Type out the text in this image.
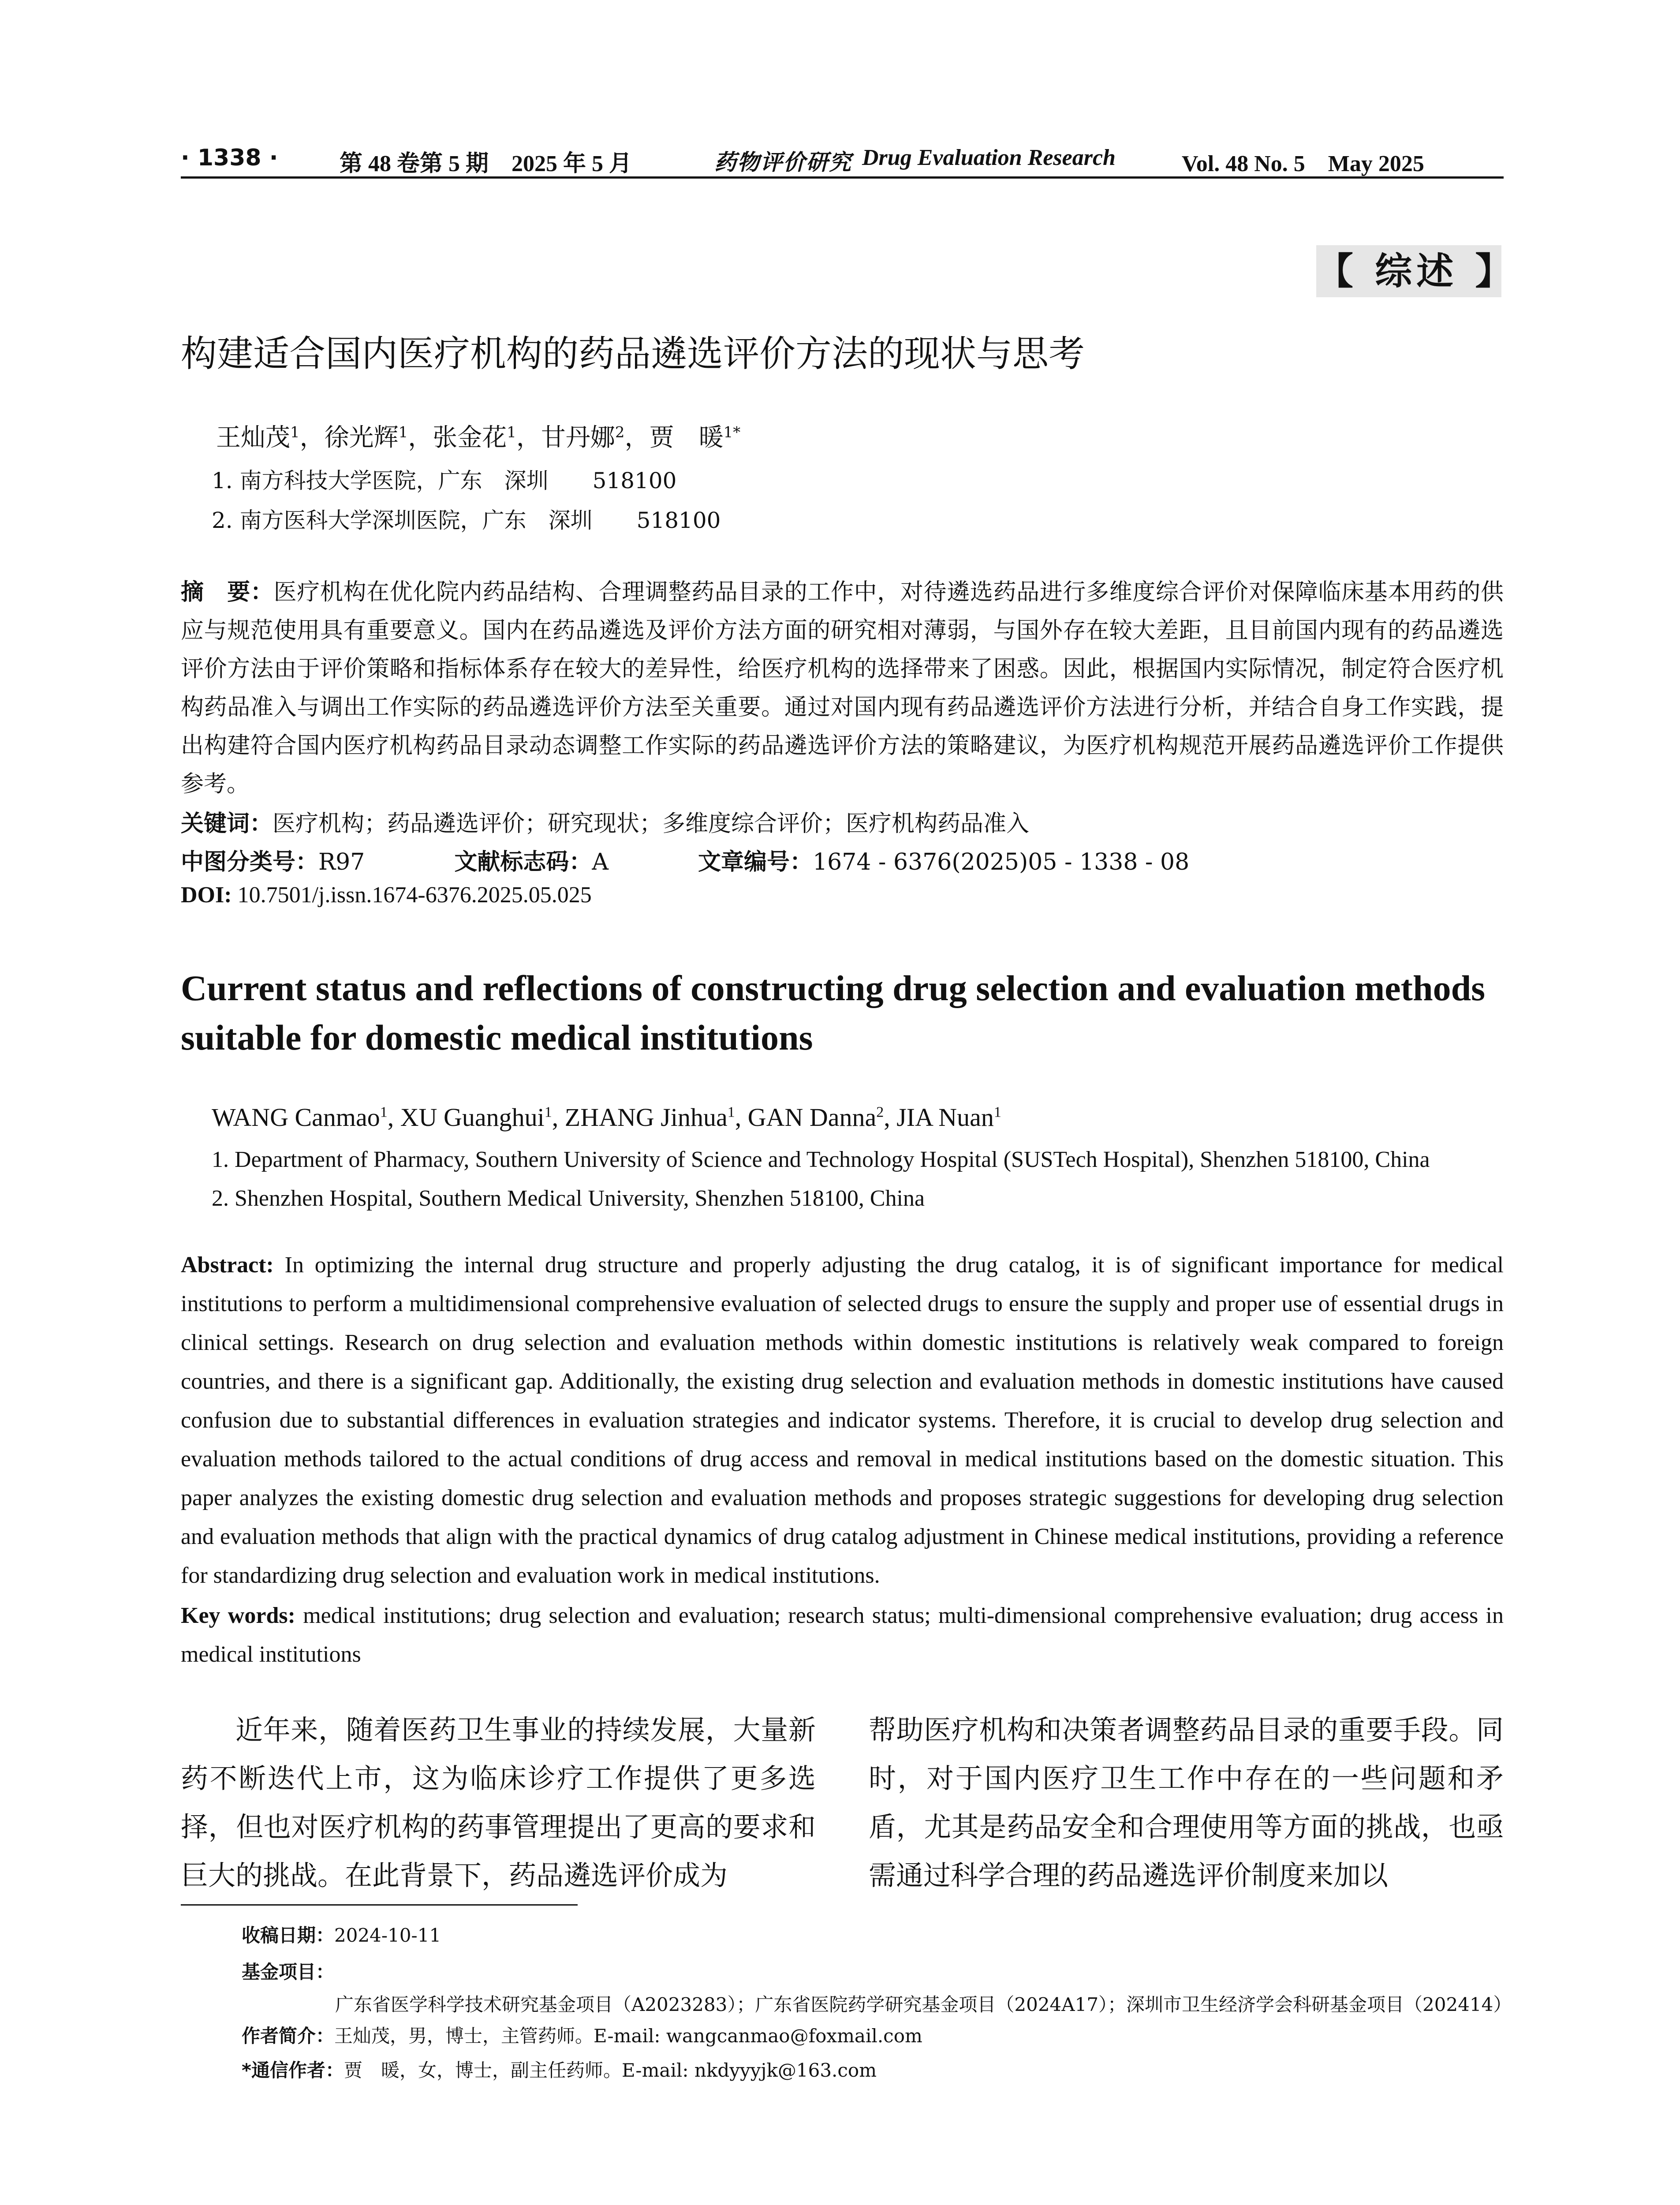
· 1338 ·	第 48 卷第 5 期　2025 年 5 月	药物评价研究 Drug Evaluation Research	Vol. 48 No. 5　May 2025
【 综述 】
构建适合国内医疗机构的药品遴选评价方法的现状与思考
王灿茂$^1$，徐光辉$^1$，张金花$^1$，甘丹娜$^2$，贾　暖$^{1*}$
1. 南方科技大学医院，广东　深圳　　518100
2. 南方医科大学深圳医院，广东　深圳　　518100
摘　要：医疗机构在优化院内药品结构、合理调整药品目录的工作中，对待遴选药品进行多维度综合评价对保障临床基本用药的供应与规范使用具有重要意义。国内在药品遴选及评价方法方面的研究相对薄弱，与国外存在较大差距，且目前国内现有的药品遴选评价方法由于评价策略和指标体系存在较大的差异性，给医疗机构的选择带来了困惑。因此，根据国内实际情况，制定符合医疗机构药品准入与调出工作实际的药品遴选评价方法至关重要。通过对国内现有药品遴选评价方法进行分析，并结合自身工作实践，提出构建符合国内医疗机构药品目录动态调整工作实际的药品遴选评价方法的策略建议，为医疗机构规范开展药品遴选评价工作提供参考。
关键词：医疗机构；药品遴选评价；研究现状；多维度综合评价；医疗机构药品准入
中图分类号：R97	文献标志码：A	文章编号：1674 - 6376(2025)05 - 1338 - 08
DOI: 10.7501/j.issn.1674-6376.2025.05.025
Current status and reflections of constructing drug selection and evaluation methods suitable for domestic medical institutions
WANG Canmao$^1$, XU Guanghui$^1$, ZHANG Jinhua$^1$, GAN Danna$^2$, JIA Nuan$^1$
1. Department of Pharmacy, Southern University of Science and Technology Hospital (SUSTech Hospital), Shenzhen 518100, China
2. Shenzhen Hospital, Southern Medical University, Shenzhen 518100, China
Abstract: In optimizing the internal drug structure and properly adjusting the drug catalog, it is of significant importance for medical institutions to perform a multidimensional comprehensive evaluation of selected drugs to ensure the supply and proper use of essential drugs in clinical settings. Research on drug selection and evaluation methods within domestic institutions is relatively weak compared to foreign countries, and there is a significant gap. Additionally, the existing drug selection and evaluation methods in domestic institutions have caused confusion due to substantial differences in evaluation strategies and indicator systems. Therefore, it is crucial to develop drug selection and evaluation methods tailored to the actual conditions of drug access and removal in medical institutions based on the domestic situation. This paper analyzes the existing domestic drug selection and evaluation methods and proposes strategic suggestions for developing drug selection and evaluation methods that align with the practical dynamics of drug catalog adjustment in Chinese medical institutions, providing a reference for standardizing drug selection and evaluation work in medical institutions.
Key words: medical institutions; drug selection and evaluation; research status; multi-dimensional comprehensive evaluation; drug access in medical institutions
近年来，随着医药卫生事业的持续发展，大量新药不断迭代上市，这为临床诊疗工作提供了更多选择，但也对医疗机构的药事管理提出了更高的要求和巨大的挑战。在此背景下，药品遴选评价成为
帮助医疗机构和决策者调整药品目录的重要手段。同时，对于国内医疗卫生工作中存在的一些问题和矛盾，尤其是药品安全和合理使用等方面的挑战，也亟需通过科学合理的药品遴选评价制度来加以
收稿日期：2024-10-11
基金项目：广东省医学科学技术研究基金项目（A2023283）；广东省医院药学研究基金项目（2024A17）；深圳市卫生经济学会科研基金项目（202414）
作者简介：王灿茂，男，博士，主管药师。E-mail: wangcanmao@foxmail.com
*通信作者：贾　暖，女，博士，副主任药师。E-mail: nkdyyyjk@163.com
